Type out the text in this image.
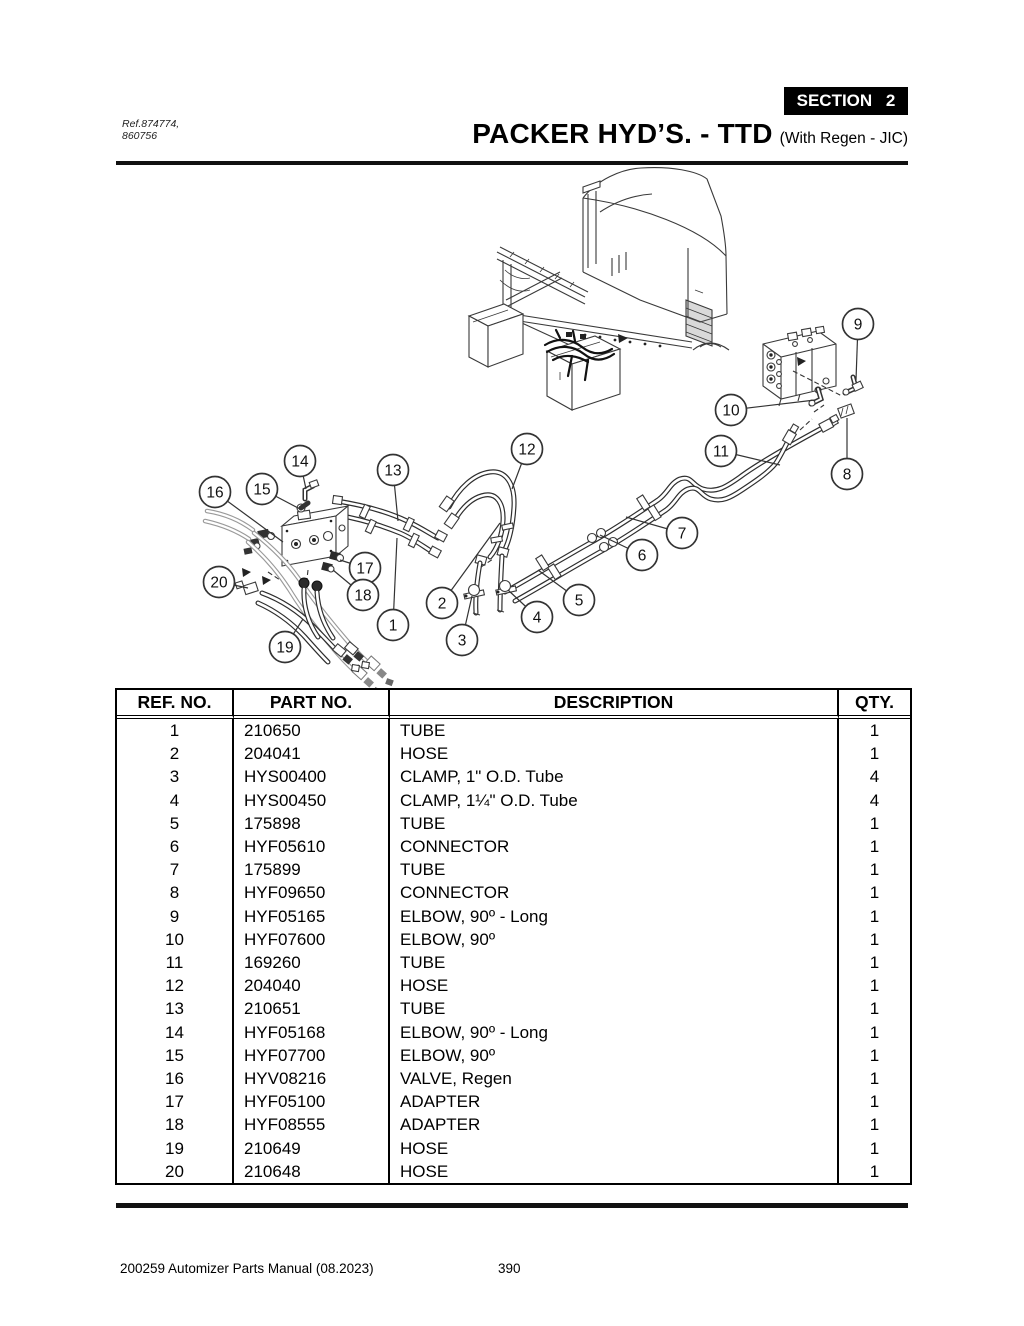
Ref.874774,
860756
SECTION 2
PACKER HYD’S. - TTD (With Regen - JIC)
1
2
3
4
5
6
7
8
9
10
11
12
13
14
15
16
17
18
19
20
REF. NO.	PART NO.	DESCRIPTION	QTY.
1	210650	TUBE	1
2	204041	HOSE	1
3	HYS00400	CLAMP, 1" O.D. Tube	4
4	HYS00450	CLAMP, 1¼" O.D. Tube	4
5	175898	TUBE	1
6	HYF05610	CONNECTOR	1
7	175899	TUBE	1
8	HYF09650	CONNECTOR	1
9	HYF05165	ELBOW, 90º - Long	1
10	HYF07600	ELBOW, 90º	1
11	169260	TUBE	1
12	204040	HOSE	1
13	210651	TUBE	1
14	HYF05168	ELBOW, 90º - Long	1
15	HYF07700	ELBOW, 90º	1
16	HYV08216	VALVE, Regen	1
17	HYF05100	ADAPTER	1
18	HYF08555	ADAPTER	1
19	210649	HOSE	1
20	210648	HOSE	1
200259 Automizer Parts Manual (08.2023)	390
